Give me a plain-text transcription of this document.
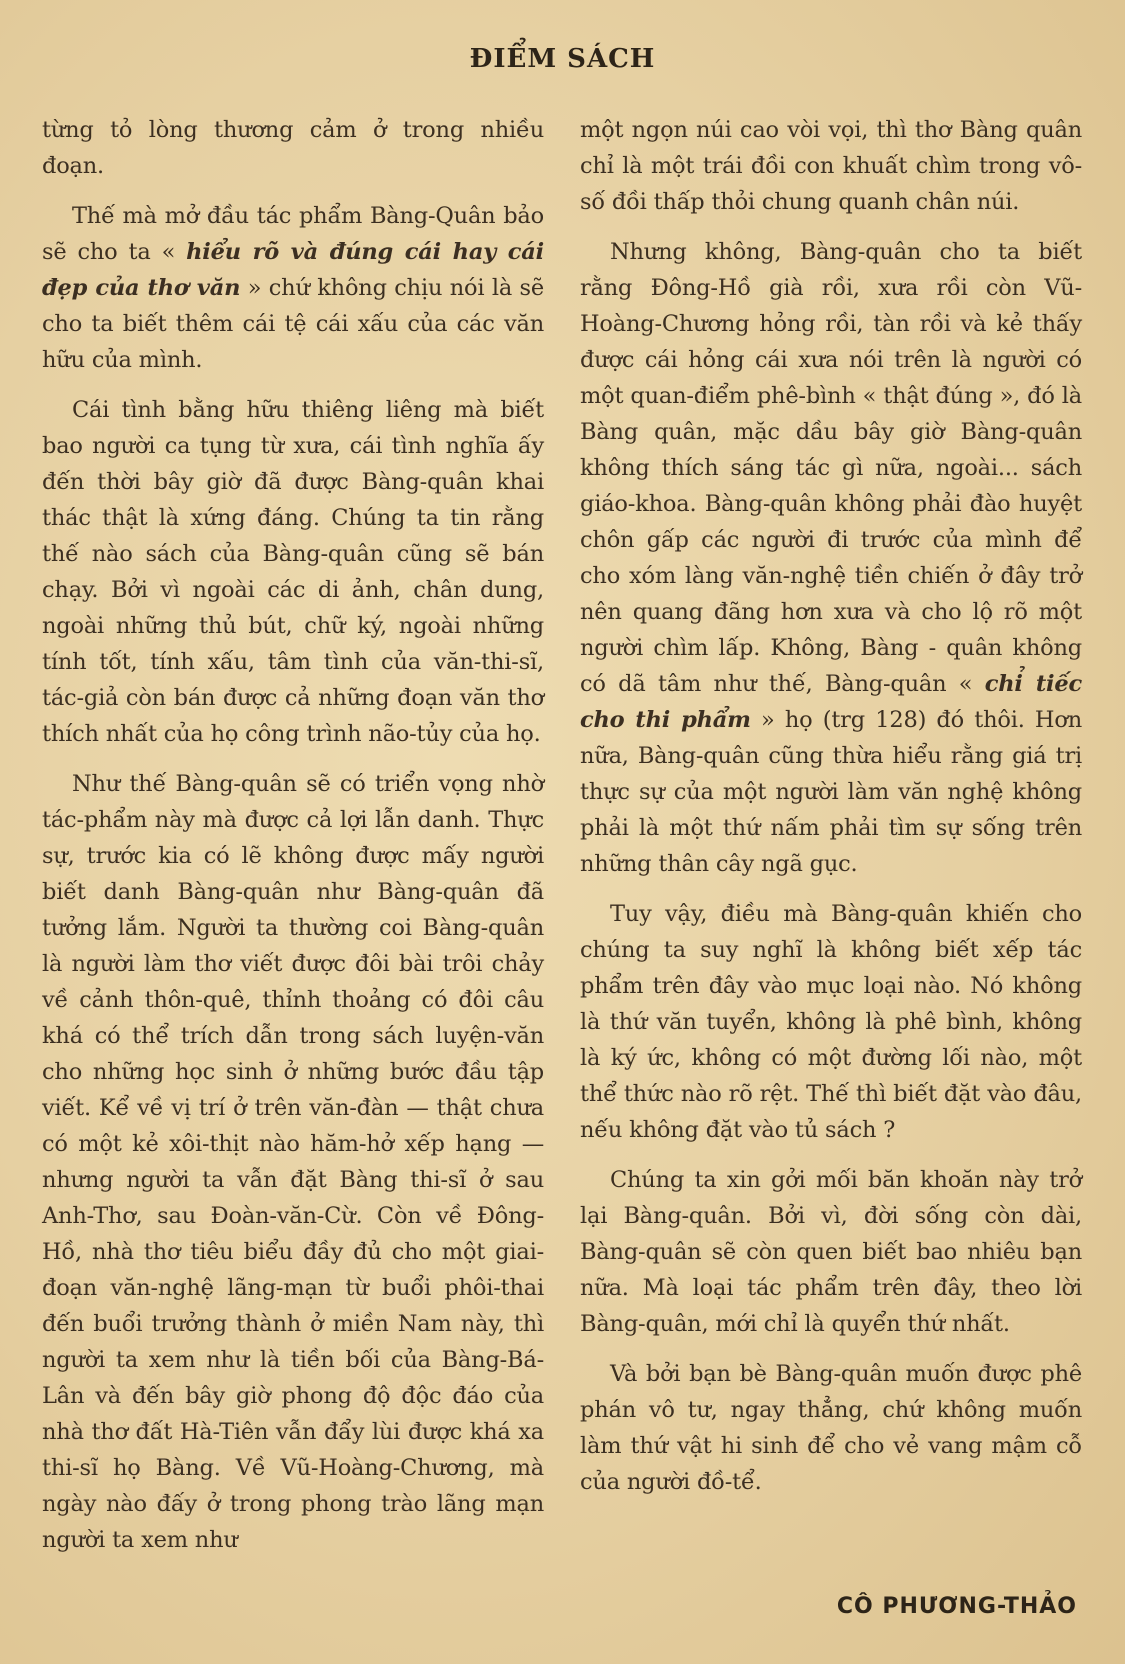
ĐIỂM SÁCH

từng tỏ lòng thương cảm ở trong nhiều đoạn.

Thế mà mở đầu tác phẩm Bàng-Quân bảo sẽ cho ta « hiểu rõ và đúng cái hay cái đẹp của thơ văn » chứ không chịu nói là sẽ cho ta biết thêm cái tệ cái xấu của các văn hữu của mình.

Cái tình bằng hữu thiêng liêng mà biết bao người ca tụng từ xưa, cái tình nghĩa ấy đến thời bây giờ đã được Bàng-quân khai thác thật là xứng đáng. Chúng ta tin rằng thế nào sách của Bàng-quân cũng sẽ bán chạy. Bởi vì ngoài các di ảnh, chân dung, ngoài những thủ bút, chữ ký, ngoài những tính tốt, tính xấu, tâm tình của văn-thi-sĩ, tác-giả còn bán được cả những đoạn văn thơ thích nhất của họ công trình não-tủy của họ.

Như thế Bàng-quân sẽ có triển vọng nhờ tác-phẩm này mà được cả lợi lẫn danh. Thực sự, trước kia có lẽ không được mấy người biết danh Bàng-quân như Bàng-quân đã tưởng lắm. Người ta thường coi Bàng-quân là người làm thơ viết được đôi bài trôi chảy về cảnh thôn-quê, thỉnh thoảng có đôi câu khá có thể trích dẫn trong sách luyện-văn cho những học sinh ở những bước đầu tập viết. Kể về vị trí ở trên văn-đàn — thật chưa có một kẻ xôi-thịt nào hăm-hở xếp hạng — nhưng người ta vẫn đặt Bàng thi-sĩ ở sau Anh-Thơ, sau Đoàn-văn-Cừ. Còn về Đông-Hồ, nhà thơ tiêu biểu đầy đủ cho một giai-đoạn văn-nghệ lãng-mạn từ buổi phôi-thai đến buổi trưởng thành ở miền Nam này, thì người ta xem như là tiền bối của Bàng-Bá-Lân và đến bây giờ phong độ độc đáo của nhà thơ đất Hà-Tiên vẫn đẩy lùi được khá xa thi-sĩ họ Bàng. Về Vũ-Hoàng-Chương, mà ngày nào đấy ở trong phong trào lãng mạn người ta xem như

một ngọn núi cao vòi vọi, thì thơ Bàng quân chỉ là một trái đồi con khuất chìm trong vô-số đồi thấp thỏi chung quanh chân núi.

Nhưng không, Bàng-quân cho ta biết rằng Đông-Hồ già rồi, xưa rồi còn Vũ-Hoàng-Chương hỏng rồi, tàn rồi và kẻ thấy được cái hỏng cái xưa nói trên là người có một quan-điểm phê-bình « thật đúng », đó là Bàng quân, mặc dầu bây giờ Bàng-quân không thích sáng tác gì nữa, ngoài... sách giáo-khoa. Bàng-quân không phải đào huyệt chôn gấp các người đi trước của mình để cho xóm làng văn-nghệ tiền chiến ở đây trở nên quang đãng hơn xưa và cho lộ rõ một người chìm lấp. Không, Bàng - quân không có dã tâm như thế, Bàng-quân « chỉ tiếc cho thi phẩm » họ (trg 128) đó thôi. Hơn nữa, Bàng-quân cũng thừa hiểu rằng giá trị thực sự của một người làm văn nghệ không phải là một thứ nấm phải tìm sự sống trên những thân cây ngã gục.

Tuy vậy, điều mà Bàng-quân khiến cho chúng ta suy nghĩ là không biết xếp tác phẩm trên đây vào mục loại nào. Nó không là thứ văn tuyển, không là phê bình, không là ký ức, không có một đường lối nào, một thể thức nào rõ rệt. Thế thì biết đặt vào đâu, nếu không đặt vào tủ sách ?

Chúng ta xin gởi mối băn khoăn này trở lại Bàng-quân. Bởi vì, đời sống còn dài, Bàng-quân sẽ còn quen biết bao nhiêu bạn nữa. Mà loại tác phẩm trên đây, theo lời Bàng-quân, mới chỉ là quyển thứ nhất.

Và bởi bạn bè Bàng-quân muốn được phê phán vô tư, ngay thẳng, chứ không muốn làm thứ vật hi sinh để cho vẻ vang mậm cỗ của người đồ-tể.

CÔ PHƯƠNG-THẢO
